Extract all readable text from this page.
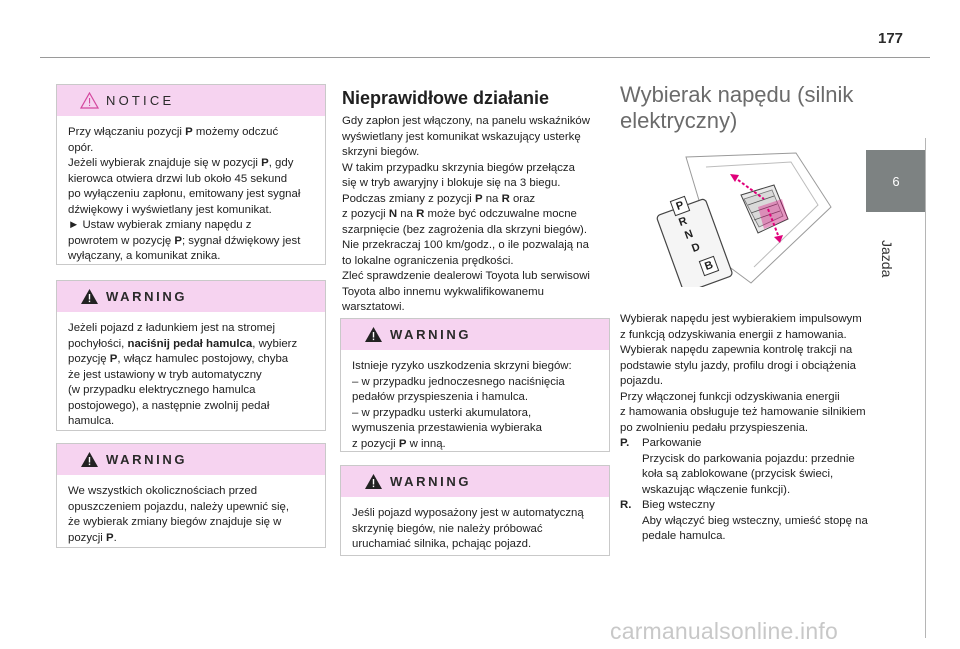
177
6
Jazda
NOTICE

Przy włączaniu pozycji P możemy odczuć

opór.

Jeżeli wybierak znajduje się w pozycji P, gdy

kierowca otwiera drzwi lub około 45 sekund

po wyłączeniu zapłonu, emitowany jest sygnał

dźwiękowy i wyświetlany jest komunikat.

► Ustaw wybierak zmiany napędu z

powrotem w pozycję P; sygnał dźwiękowy jest

wyłączany, a komunikat znika.

WARNING

Jeżeli pojazd z ładunkiem jest na stromej

pochyłości, naciśnij pedał hamulca, wybierz

pozycję P, włącz hamulec postojowy, chyba

że jest ustawiony w tryb automatyczny

(w przypadku elektrycznego hamulca

postojowego), a następnie zwolnij pedał

hamulca.

WARNING

We wszystkich okolicznościach przed

opuszczeniem pojazdu, należy upewnić się,

że wybierak zmiany biegów znajduje się w

pozycji P.

Nieprawidłowe działanie

Gdy zapłon jest włączony, na panelu wskaźników

wyświetlany jest komunikat wskazujący usterkę

skrzyni biegów.

W takim przypadku skrzynia biegów przełącza

się w tryb awaryjny i blokuje się na 3 biegu.

Podczas zmiany z pozycji P na R oraz

z pozycji N na R może być odczuwalne mocne

szarpnięcie (bez zagrożenia dla skrzyni biegów).

Nie przekraczaj 100 km/godz., o ile pozwalają na

to lokalne ograniczenia prędkości.

Zleć sprawdzenie dealerowi Toyota lub serwisowi

Toyota albo innemu wykwalifikowanemu

warsztatowi.

WARNING

Istnieje ryzyko uszkodzenia skrzyni biegów:

– w przypadku jednoczesnego naciśnięcia

pedałów przyspieszenia i hamulca.

– w przypadku usterki akumulatora,

wymuszenia przestawienia wybieraka

z pozycji P w inną.

WARNING

Jeśli pojazd wyposażony jest w automatyczną

skrzynię biegów, nie należy próbować

uruchamiać silnika, pchając pojazd.

Wybierak napędu (silnik
elektryczny)
P
R
N
D
B

Wybierak napędu jest wybierakiem impulsowym

z funkcją odzyskiwania energii z hamowania.

Wybierak napędu zapewnia kontrolę trakcji na

podstawie stylu jazdy, profilu drogi i obciążenia

pojazdu.

Przy włączonej funkcji odzyskiwania energii

z hamowania obsługuje też hamowanie silnikiem

po zwolnieniu pedału przyspieszenia.

P.	Parkowanie
Przycisk do parkowania pojazdu: przednie
koła są zablokowane (przycisk świeci,
wskazując włączenie funkcji).
R. Bieg wsteczny
Aby włączyć bieg wsteczny, umieść stopę na
pedale hamulca.
carmanualsonline.info
